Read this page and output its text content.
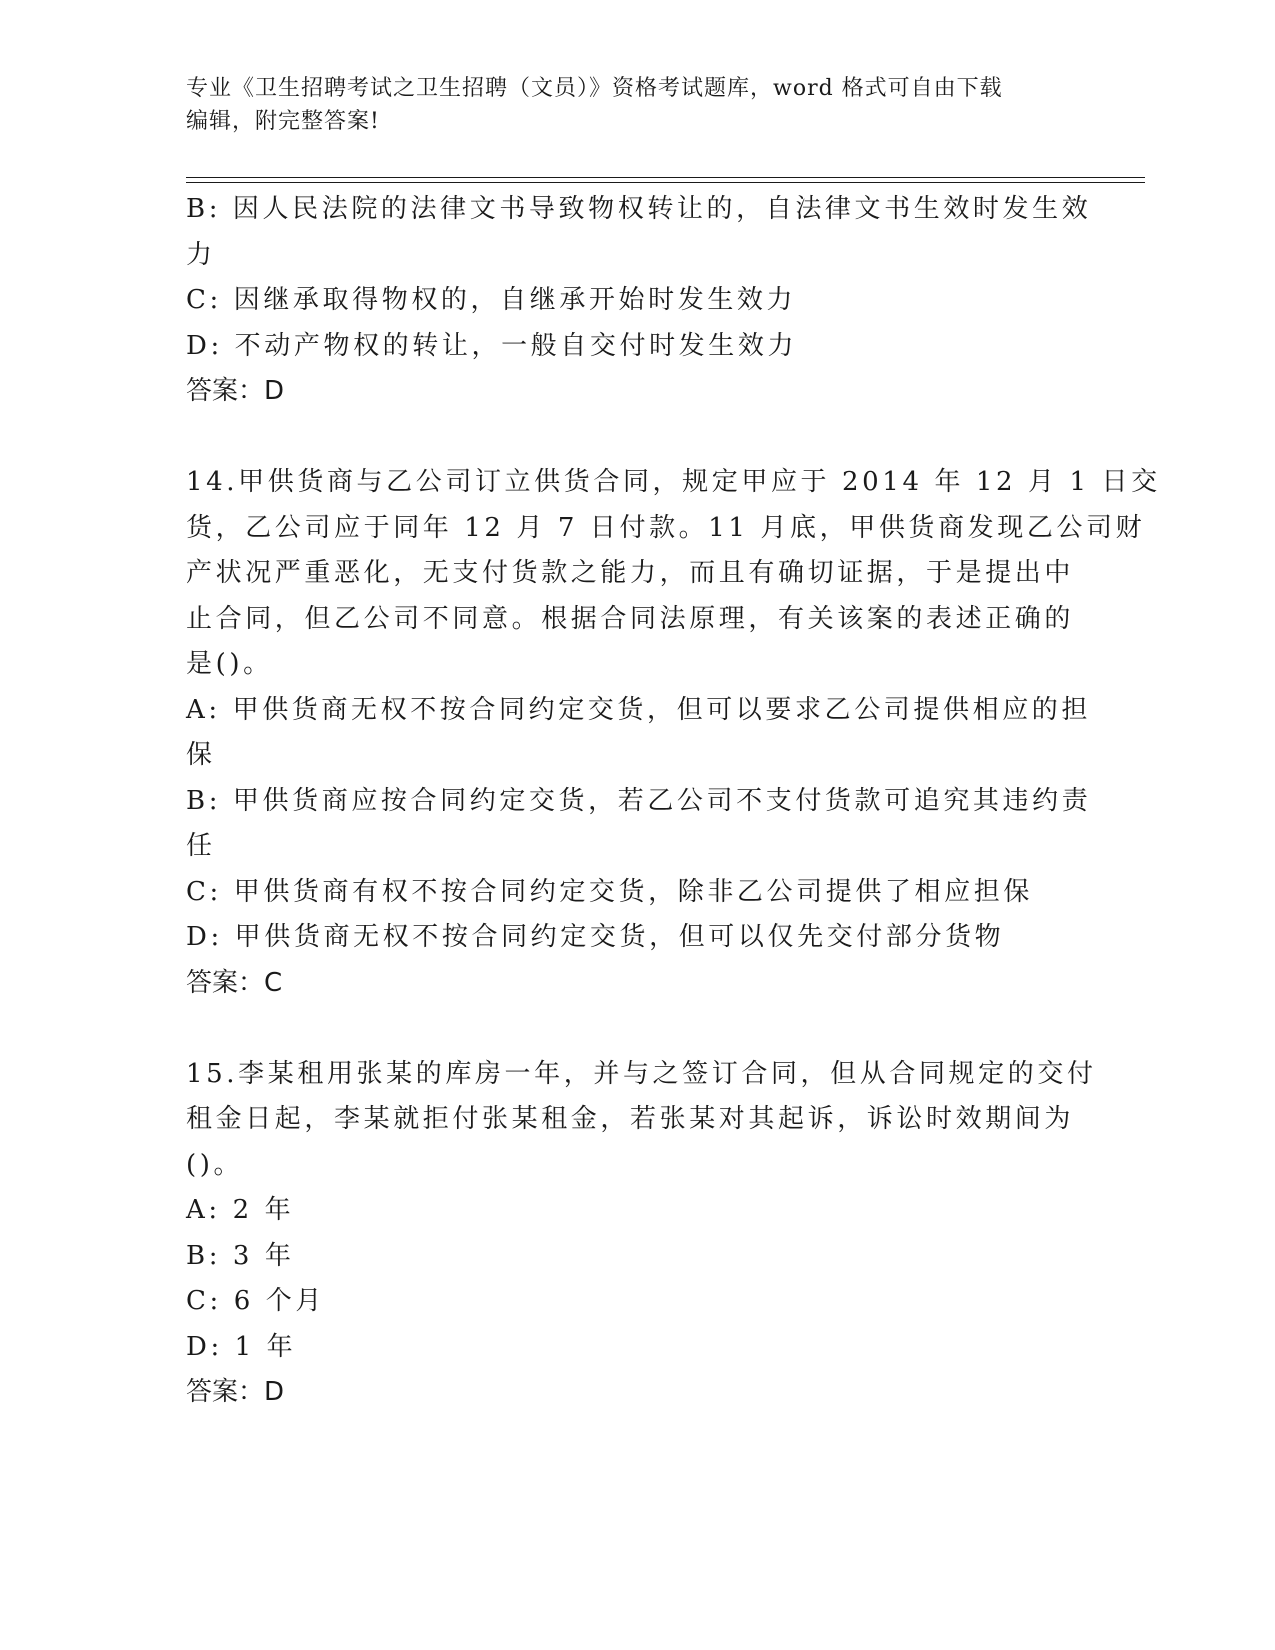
专业《卫生招聘考试之卫生招聘（文员）》资格考试题库，word 格式可自由下载
编辑，附完整答案!
B: 因人民法院的法律文书导致物权转让的，自法律文书生效时发生效
力
C: 因继承取得物权的，自继承开始时发生效力
D: 不动产物权的转让，一般自交付时发生效力
答案：D
14.甲供货商与乙公司订立供货合同，规定甲应于 2014 年 12 月 1 日交
货，乙公司应于同年 12 月 7 日付款。11 月底，甲供货商发现乙公司财
产状况严重恶化，无支付货款之能力，而且有确切证据，于是提出中
止合同，但乙公司不同意。根据合同法原理，有关该案的表述正确的
是()。
A: 甲供货商无权不按合同约定交货，但可以要求乙公司提供相应的担
保
B: 甲供货商应按合同约定交货，若乙公司不支付货款可追究其违约责
任
C: 甲供货商有权不按合同约定交货，除非乙公司提供了相应担保
D: 甲供货商无权不按合同约定交货，但可以仅先交付部分货物
答案：C
15.李某租用张某的库房一年，并与之签订合同，但从合同规定的交付
租金日起，李某就拒付张某租金，若张某对其起诉，诉讼时效期间为
()。
A: 2 年
B: 3 年
C: 6 个月
D: 1 年
答案：D
